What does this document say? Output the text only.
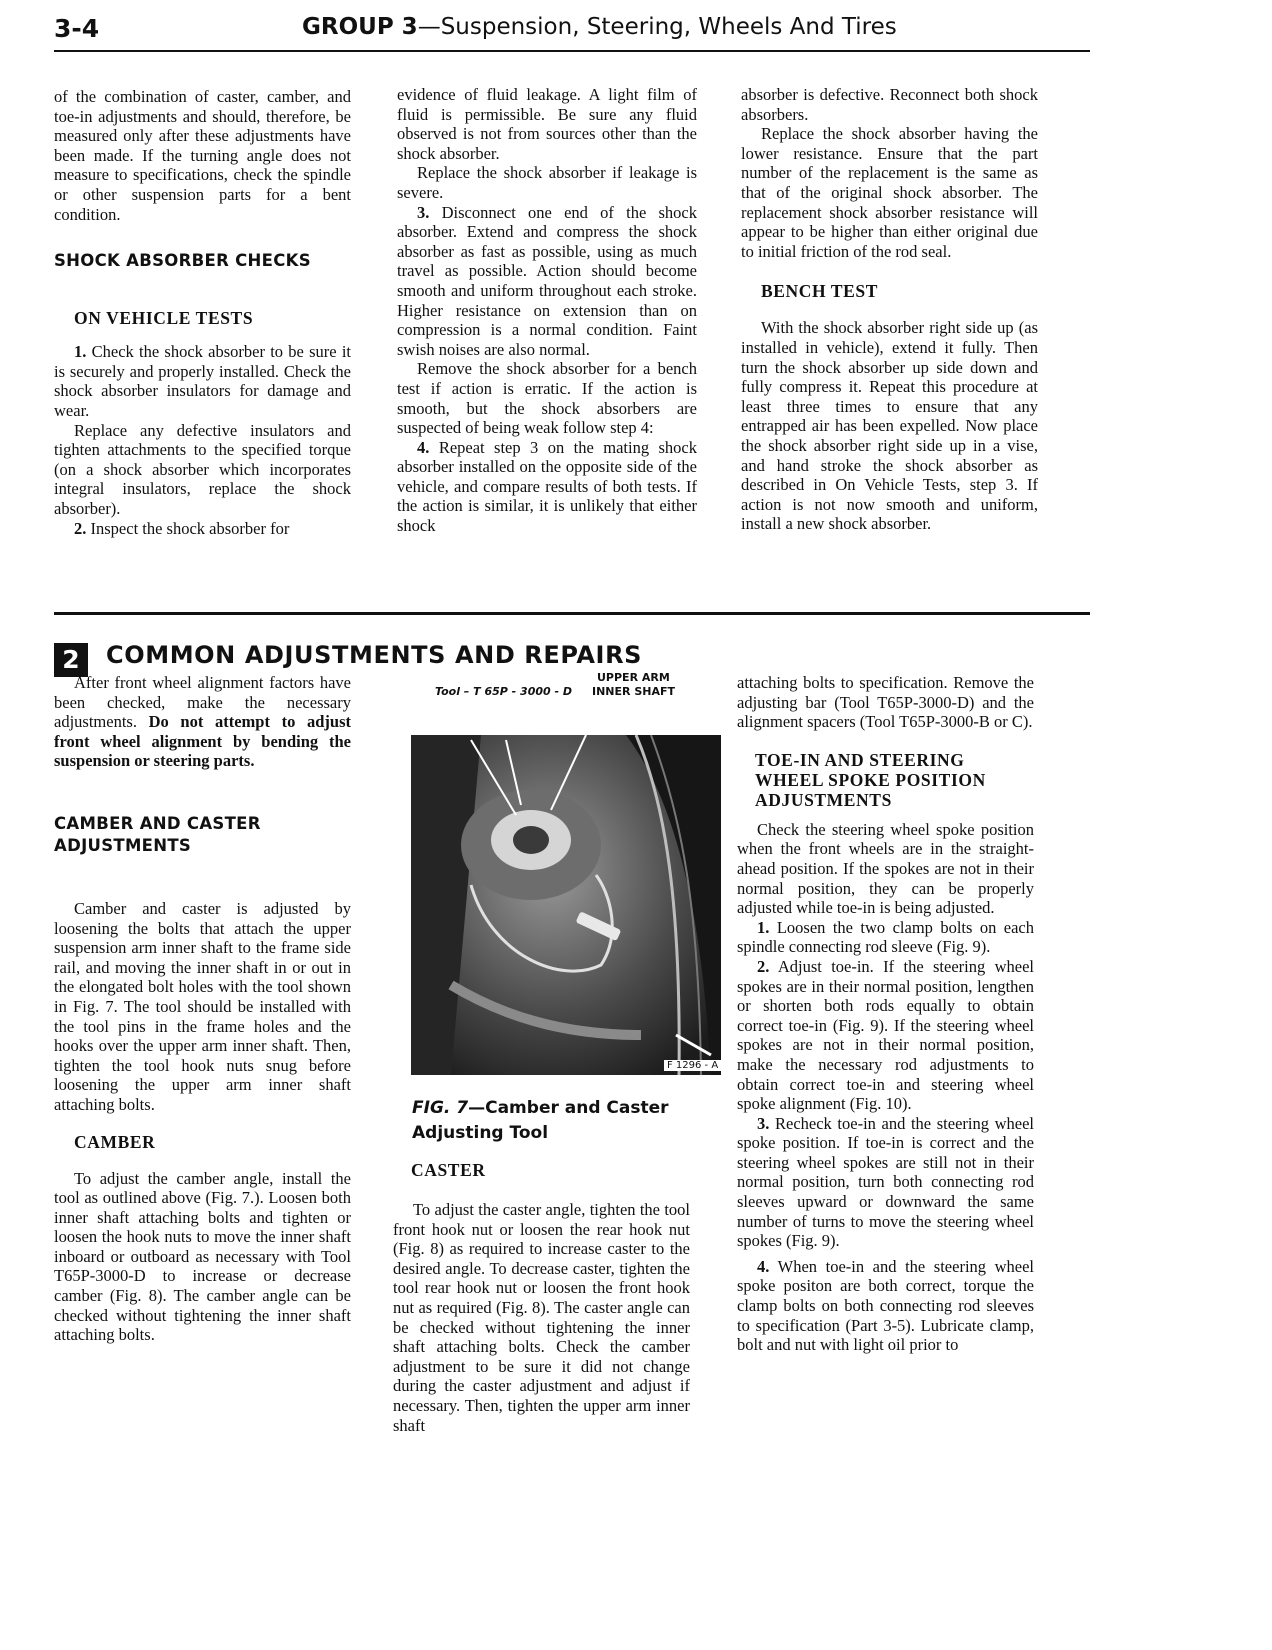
3-4	GROUP 3—Suspension, Steering, Wheels And Tires

of the combination of caster, camber, and toe-in adjustments and should, therefore, be measured only after these adjustments have been made. If the turning angle does not measure to specifications, check the spindle or other suspension parts for a bent condition.

SHOCK ABSORBER CHECKS
ON VEHICLE TESTS

1. Check the shock absorber to be sure it is securely and properly installed. Check the shock absorber insulators for damage and wear.

Replace any defective insulators and tighten attachments to the specified torque (on a shock absorber which incorporates integral insulators, replace the shock absorber).

2. Inspect the shock absorber for

evidence of fluid leakage. A light film of fluid is permissible. Be sure any fluid observed is not from sources other than the shock absorber.

Replace the shock absorber if leakage is severe.

3. Disconnect one end of the shock absorber. Extend and compress the shock absorber as fast as possible, using as much travel as possible. Action should become smooth and uniform throughout each stroke. Higher resistance on extension than on compression is a normal condition. Faint swish noises are also normal.

Remove the shock absorber for a bench test if action is erratic. If the action is smooth, but the shock absorbers are suspected of being weak follow step 4:

4. Repeat step 3 on the mating shock absorber installed on the opposite side of the vehicle, and compare results of both tests. If the action is similar, it is unlikely that either shock

absorber is defective. Reconnect both shock absorbers.

Replace the shock absorber having the lower resistance. Ensure that the part number of the replacement is the same as that of the original shock absorber. The replacement shock absorber resistance will appear to be higher than either original due to initial friction of the rod seal.

BENCH TEST

With the shock absorber right side up (as installed in vehicle), extend it fully. Then turn the shock absorber up side down and fully compress it. Repeat this procedure at least three times to ensure that any entrapped air has been expelled. Now place the shock absorber right side up in a vise, and hand stroke the shock absorber as described in On Vehicle Tests, step 3. If action is not now smooth and uniform, install a new shock absorber.

2	COMMON ADJUSTMENTS AND REPAIRS

After front wheel alignment factors have been checked, make the necessary adjustments. Do not attempt to adjust front wheel alignment by bending the suspension or steering parts.

CAMBER AND CASTER ADJUSTMENTS

Camber and caster is adjusted by loosening the bolts that attach the upper suspension arm inner shaft to the frame side rail, and moving the inner shaft in or out in the elongated bolt holes with the tool shown in Fig. 7. The tool should be installed with the tool pins in the frame holes and the hooks over the upper arm inner shaft. Then, tighten the tool hook nuts snug before loosening the upper arm inner shaft attaching bolts.

CAMBER

To adjust the camber angle, install the tool as outlined above (Fig. 7.). Loosen both inner shaft attaching bolts and tighten or loosen the hook nuts to move the inner shaft inboard or outboard as necessary with Tool T65P-3000-D to increase or decrease camber (Fig. 8). The camber angle can be checked without tightening the inner shaft attaching bolts.

Tool – T 65P - 3000 - D
UPPER ARM
INNER SHAFT
F 1296 - A
FIG. 7—Camber and Caster Adjusting Tool
CASTER

To adjust the caster angle, tighten the tool front hook nut or loosen the rear hook nut (Fig. 8) as required to increase caster to the desired angle. To decrease caster, tighten the tool rear hook nut or loosen the front hook nut as required (Fig. 8). The caster angle can be checked without tightening the inner shaft attaching bolts. Check the camber adjustment to be sure it did not change during the caster adjustment and adjust if necessary. Then, tighten the upper arm inner shaft

attaching bolts to specification. Remove the adjusting bar (Tool T65P-3000-D) and the alignment spacers (Tool T65P-3000-B or C).

TOE-IN AND STEERING WHEEL SPOKE POSITION ADJUSTMENTS

Check the steering wheel spoke position when the front wheels are in the straight-ahead position. If the spokes are not in their normal position, they can be properly adjusted while toe-in is being adjusted.

1. Loosen the two clamp bolts on each spindle connecting rod sleeve (Fig. 9).

2. Adjust toe-in. If the steering wheel spokes are in their normal position, lengthen or shorten both rods equally to obtain correct toe-in (Fig. 9). If the steering wheel spokes are not in their normal position, make the necessary rod adjustments to obtain correct toe-in and steering wheel spoke alignment (Fig. 10).

3. Recheck toe-in and the steering wheel spoke position. If toe-in is correct and the steering wheel spokes are still not in their normal position, turn both connecting rod sleeves upward or downward the same number of turns to move the steering wheel spokes (Fig. 9).

4. When toe-in and the steering wheel spoke positon are both correct, torque the clamp bolts on both connecting rod sleeves to specification (Part 3-5). Lubricate clamp, bolt and nut with light oil prior to
